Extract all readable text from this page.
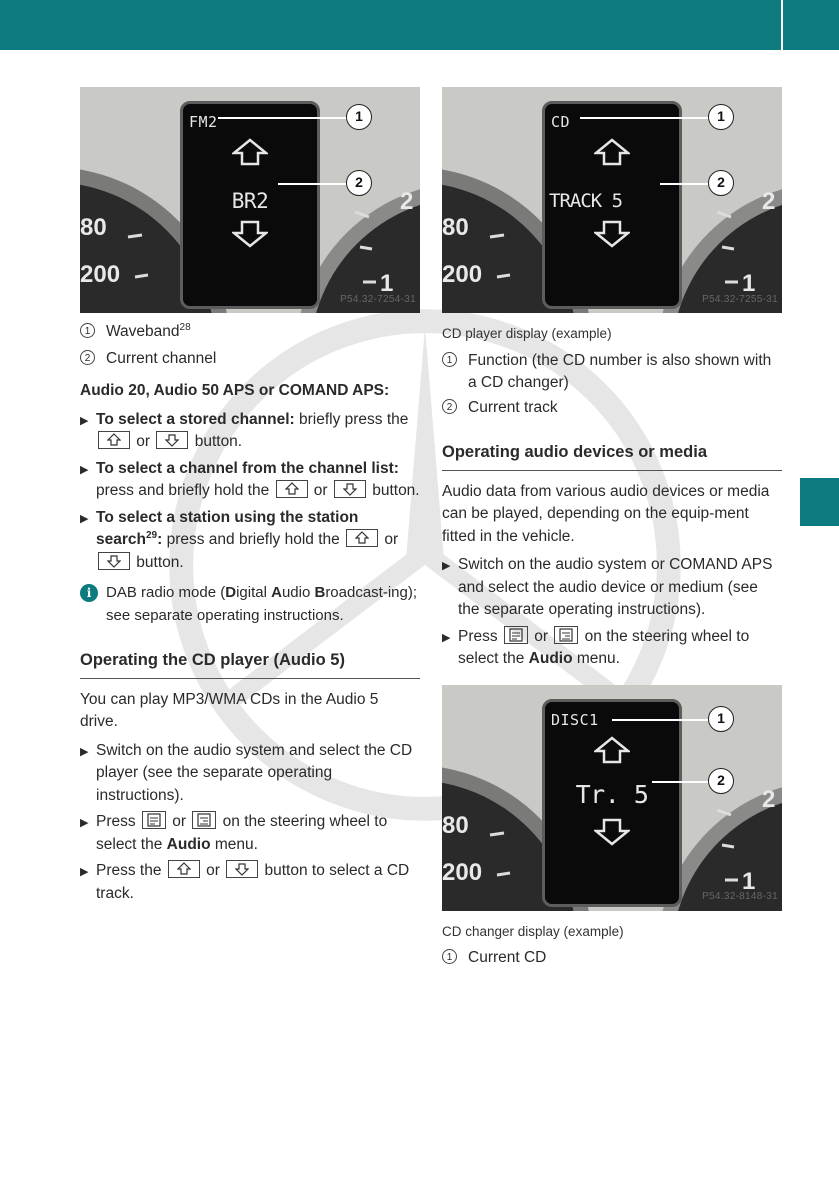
80
200
2
1
FM2
BR2
1
2
P54.32-7254-31
1	Waveband$^{28}$
2	Current channel
Audio 20, Audio 50 APS or COMAND APS:
▶ To select a stored channel: briefly press the
or
button.
▶ To select a channel from the channel list: press and briefly hold the
or
button.
▶ To select a station using the station search$^{29}$: press and briefly hold the
or
button.
i DAB radio mode (Digital Audio Broadcast-ing); see separate operating instructions.
Operating the CD player (Audio 5)
You can play MP3/WMA CDs in the Audio 5 drive.
▶ Switch on the audio system and select the CD player (see the separate operating instructions).
▶ Press
or
on the steering wheel to select the Audio menu.
▶ Press the
or
button to select a CD track.
80
200
2
1
CD
TRACK 5
1
2
P54.32-7255-31
CD player display (example)
1	Function (the CD number is also shown with a CD changer)
2	Current track
Operating audio devices or media
Audio data from various audio devices or media can be played, depending on the equip-ment fitted in the vehicle.
▶ Switch on the audio system or COMAND APS and select the audio device or medium (see the separate operating instructions).
▶ Press
or
on the steering wheel to select the Audio menu.
80
200
2
1
DISC1
Tr. 5
1
2
P54.32-8148-31
CD changer display (example)
1	Current CD
